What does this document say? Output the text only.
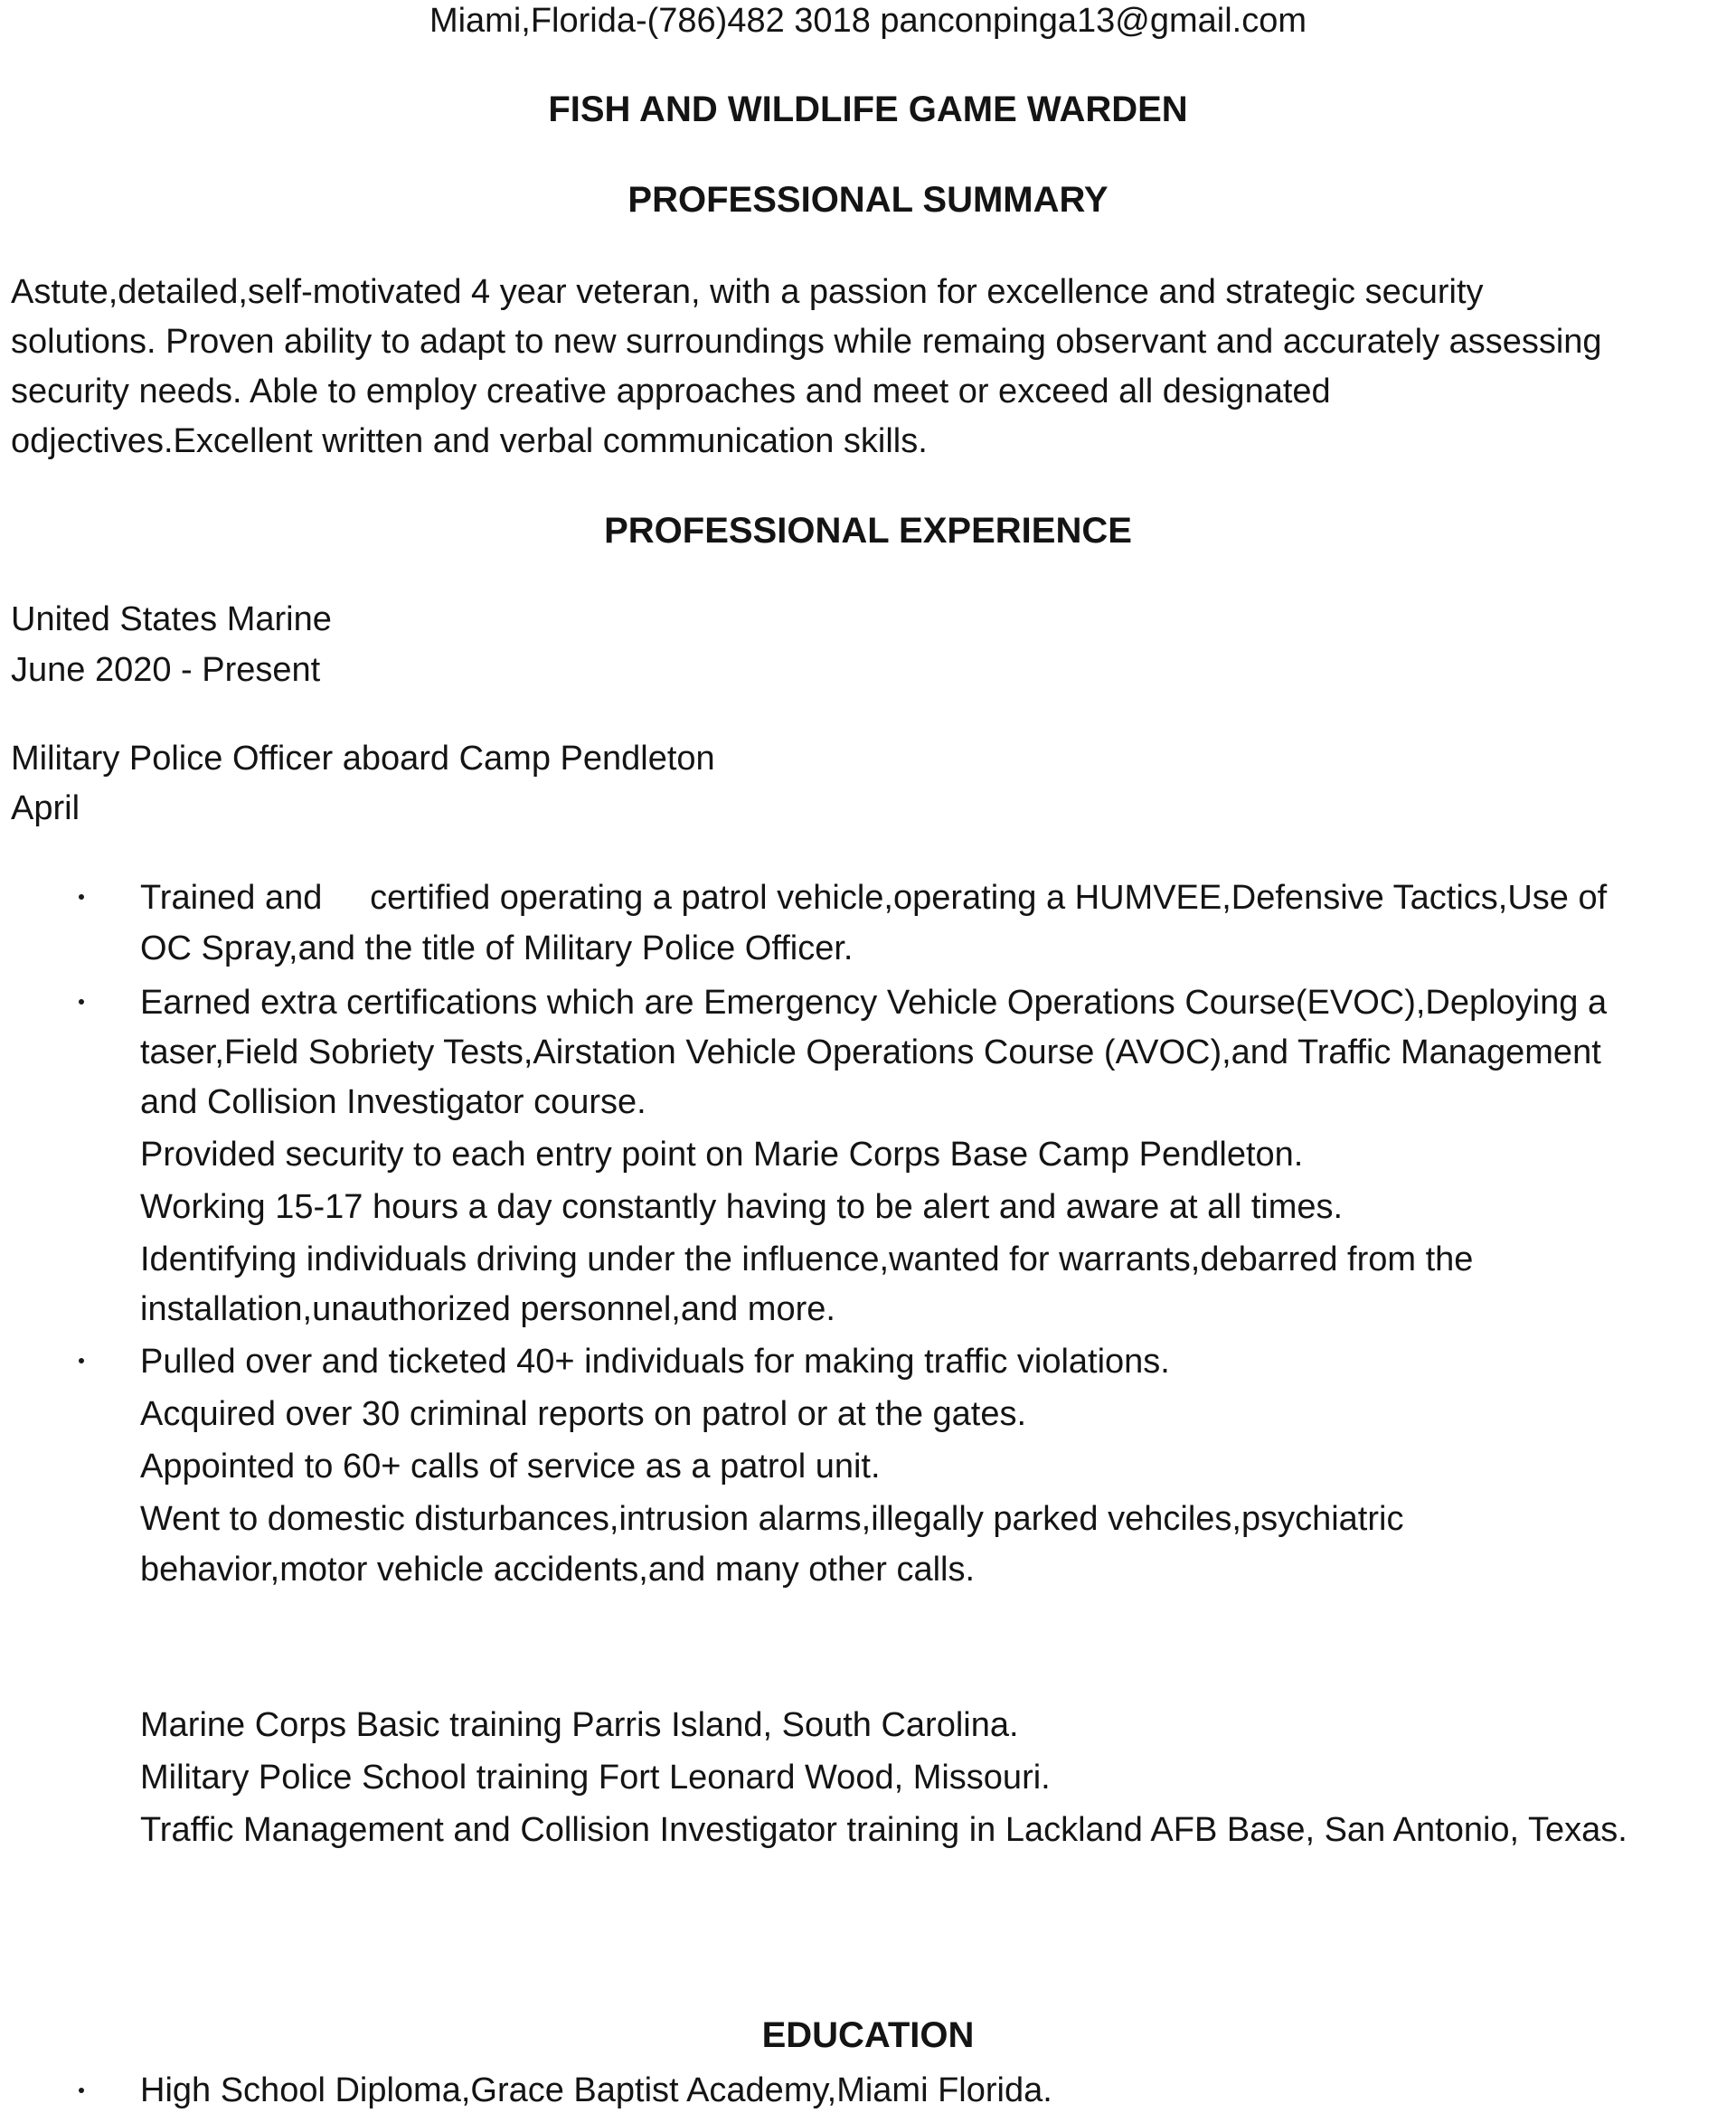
Miami,Florida-(786)482 3018 panconpinga13@gmail.com
FISH AND WILDLIFE GAME WARDEN
PROFESSIONAL SUMMARY
Astute,detailed,self-motivated 4 year veteran, with a passion for excellence and strategic security
solutions. Proven ability to adapt to new surroundings while remaing observant and accurately assessing
security needs. Able to employ creative approaches and meet or exceed all designated
odjectives.Excellent written and verbal communication skills.
PROFESSIONAL EXPERIENCE
United States Marine
June 2020 - Present
Military Police Officer aboard Camp Pendleton
April
Trained and     certified operating a patrol vehicle,operating a HUMVEE,Defensive Tactics,Use of
OC Spray,and the title of Military Police Officer.
Earned extra certifications which are Emergency Vehicle Operations Course(EVOC),Deploying a
taser,Field Sobriety Tests,Airstation Vehicle Operations Course (AVOC),and Traffic Management
and Collision Investigator course.
Provided security to each entry point on Marie Corps Base Camp Pendleton.
Working 15-17 hours a day constantly having to be alert and aware at all times.
Identifying individuals driving under the influence,wanted for warrants,debarred from the
installation,unauthorized personnel,and more.
Pulled over and ticketed 40+ individuals for making traffic violations.
Acquired over 30 criminal reports on patrol or at the gates.
Appointed to 60+ calls of service as a patrol unit.
Went to domestic disturbances,intrusion alarms,illegally parked vehciles,psychiatric
behavior,motor vehicle accidents,and many other calls.
Marine Corps Basic training Parris Island, South Carolina.
Military Police School training Fort Leonard Wood, Missouri.
Traffic Management and Collision Investigator training in Lackland AFB Base, San Antonio, Texas.
EDUCATION
High School Diploma,Grace Baptist Academy,Miami Florida.
